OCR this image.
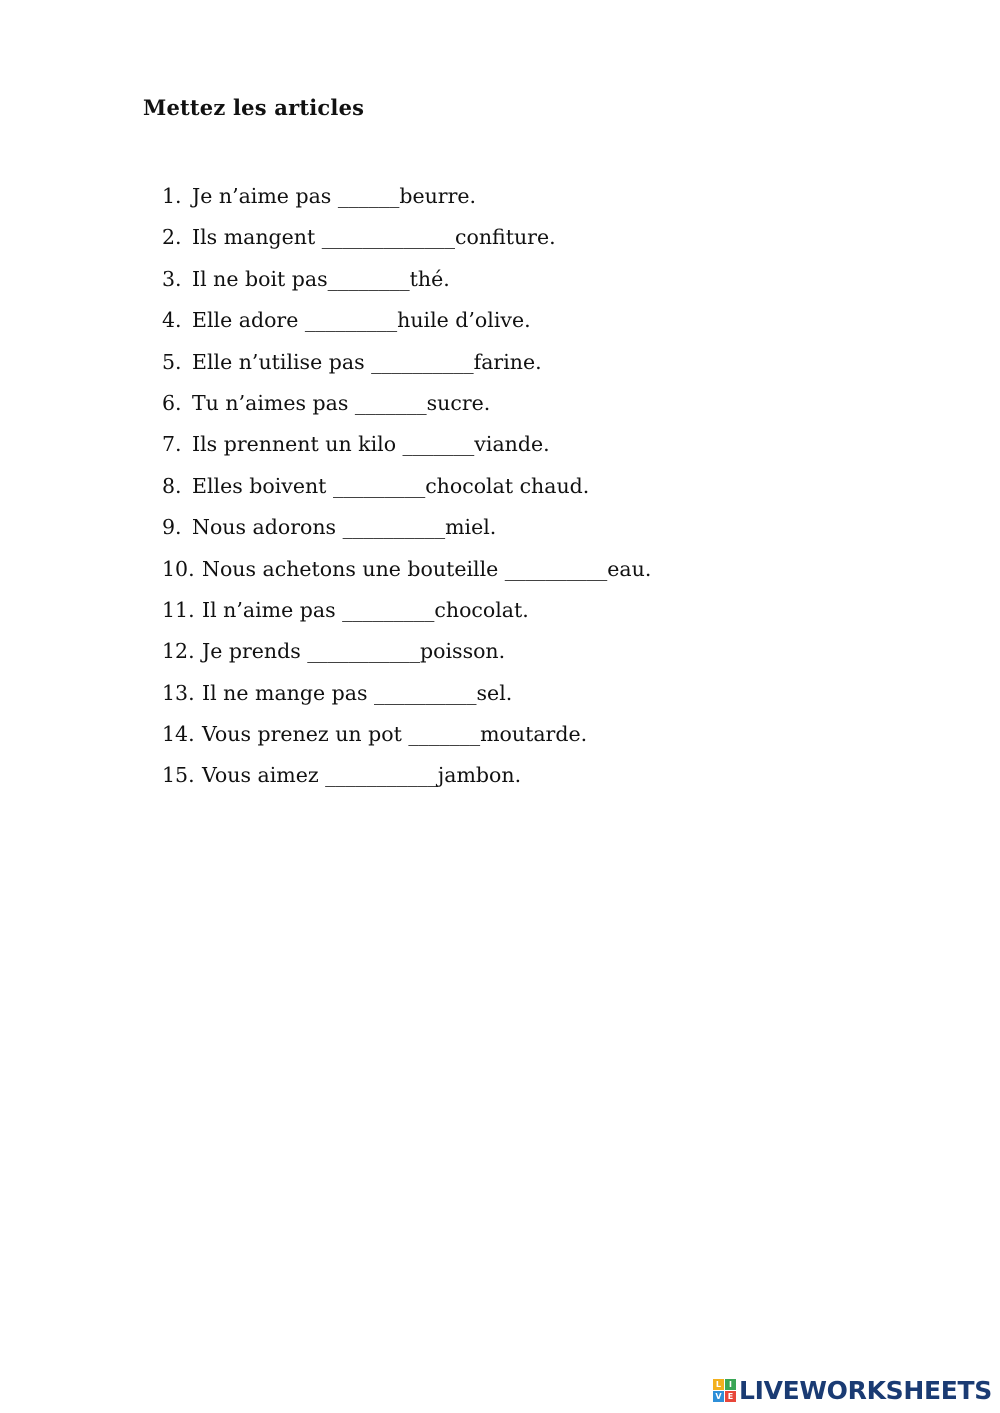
Mettez les articles
1. Je n’aime pas ______beurre.
2. Ils mangent _____________confiture.
3. Il ne boit pas________thé.
4. Elle adore _________huile d’olive.
5. Elle n’utilise pas __________farine.
6. Tu n’aimes pas _______sucre.
7. Ils prennent un kilo _______viande.
8. Elles boivent _________chocolat chaud.
9. Nous adorons __________miel.
10. Nous achetons une bouteille __________eau.
11. Il n’aime pas _________chocolat.
12. Je prends ___________poisson.
13. Il ne mange pas __________sel.
14. Vous prenez un pot _______moutarde.
15. Vous aimez ___________jambon.
L I
V E LIVEWORKSHEETS
